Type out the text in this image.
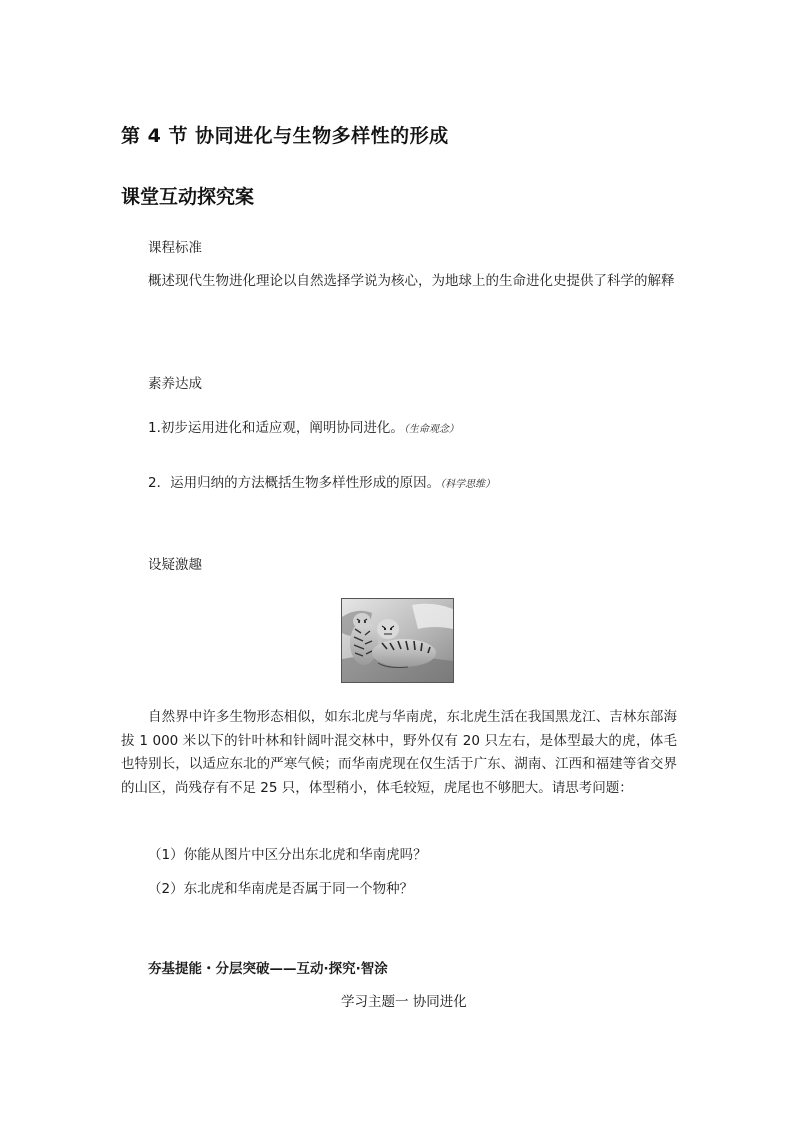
第 4 节 协同进化与生物多样性的形成
课堂互动探究案
课程标准
概述现代生物进化理论以自然选择学说为核心，为地球上的生命进化史提供了科学的解释
素养达成
1.初步运用进化和适应观，阐明协同进化。（生命观念）
2．运用归纳的方法概括生物多样性形成的原因。（科学思维）
设疑激趣
自然界中许多生物形态相似，如东北虎与华南虎，东北虎生活在我国黑龙江、吉林东部海拔 1 000 米以下的针叶林和针阔叶混交林中，野外仅有 20 只左右，是体型最大的虎，体毛也特别长，以适应东北的严寒气候；而华南虎现在仅生活于广东、湖南、江西和福建等省交界的山区，尚残存有不足 25 只，体型稍小，体毛较短，虎尾也不够肥大。请思考问题：
（1）你能从图片中区分出东北虎和华南虎吗？
（2）东北虎和华南虎是否属于同一个物种？
夯基提能・分层突破——互动·探究·智涂
学习主题一 协同进化
